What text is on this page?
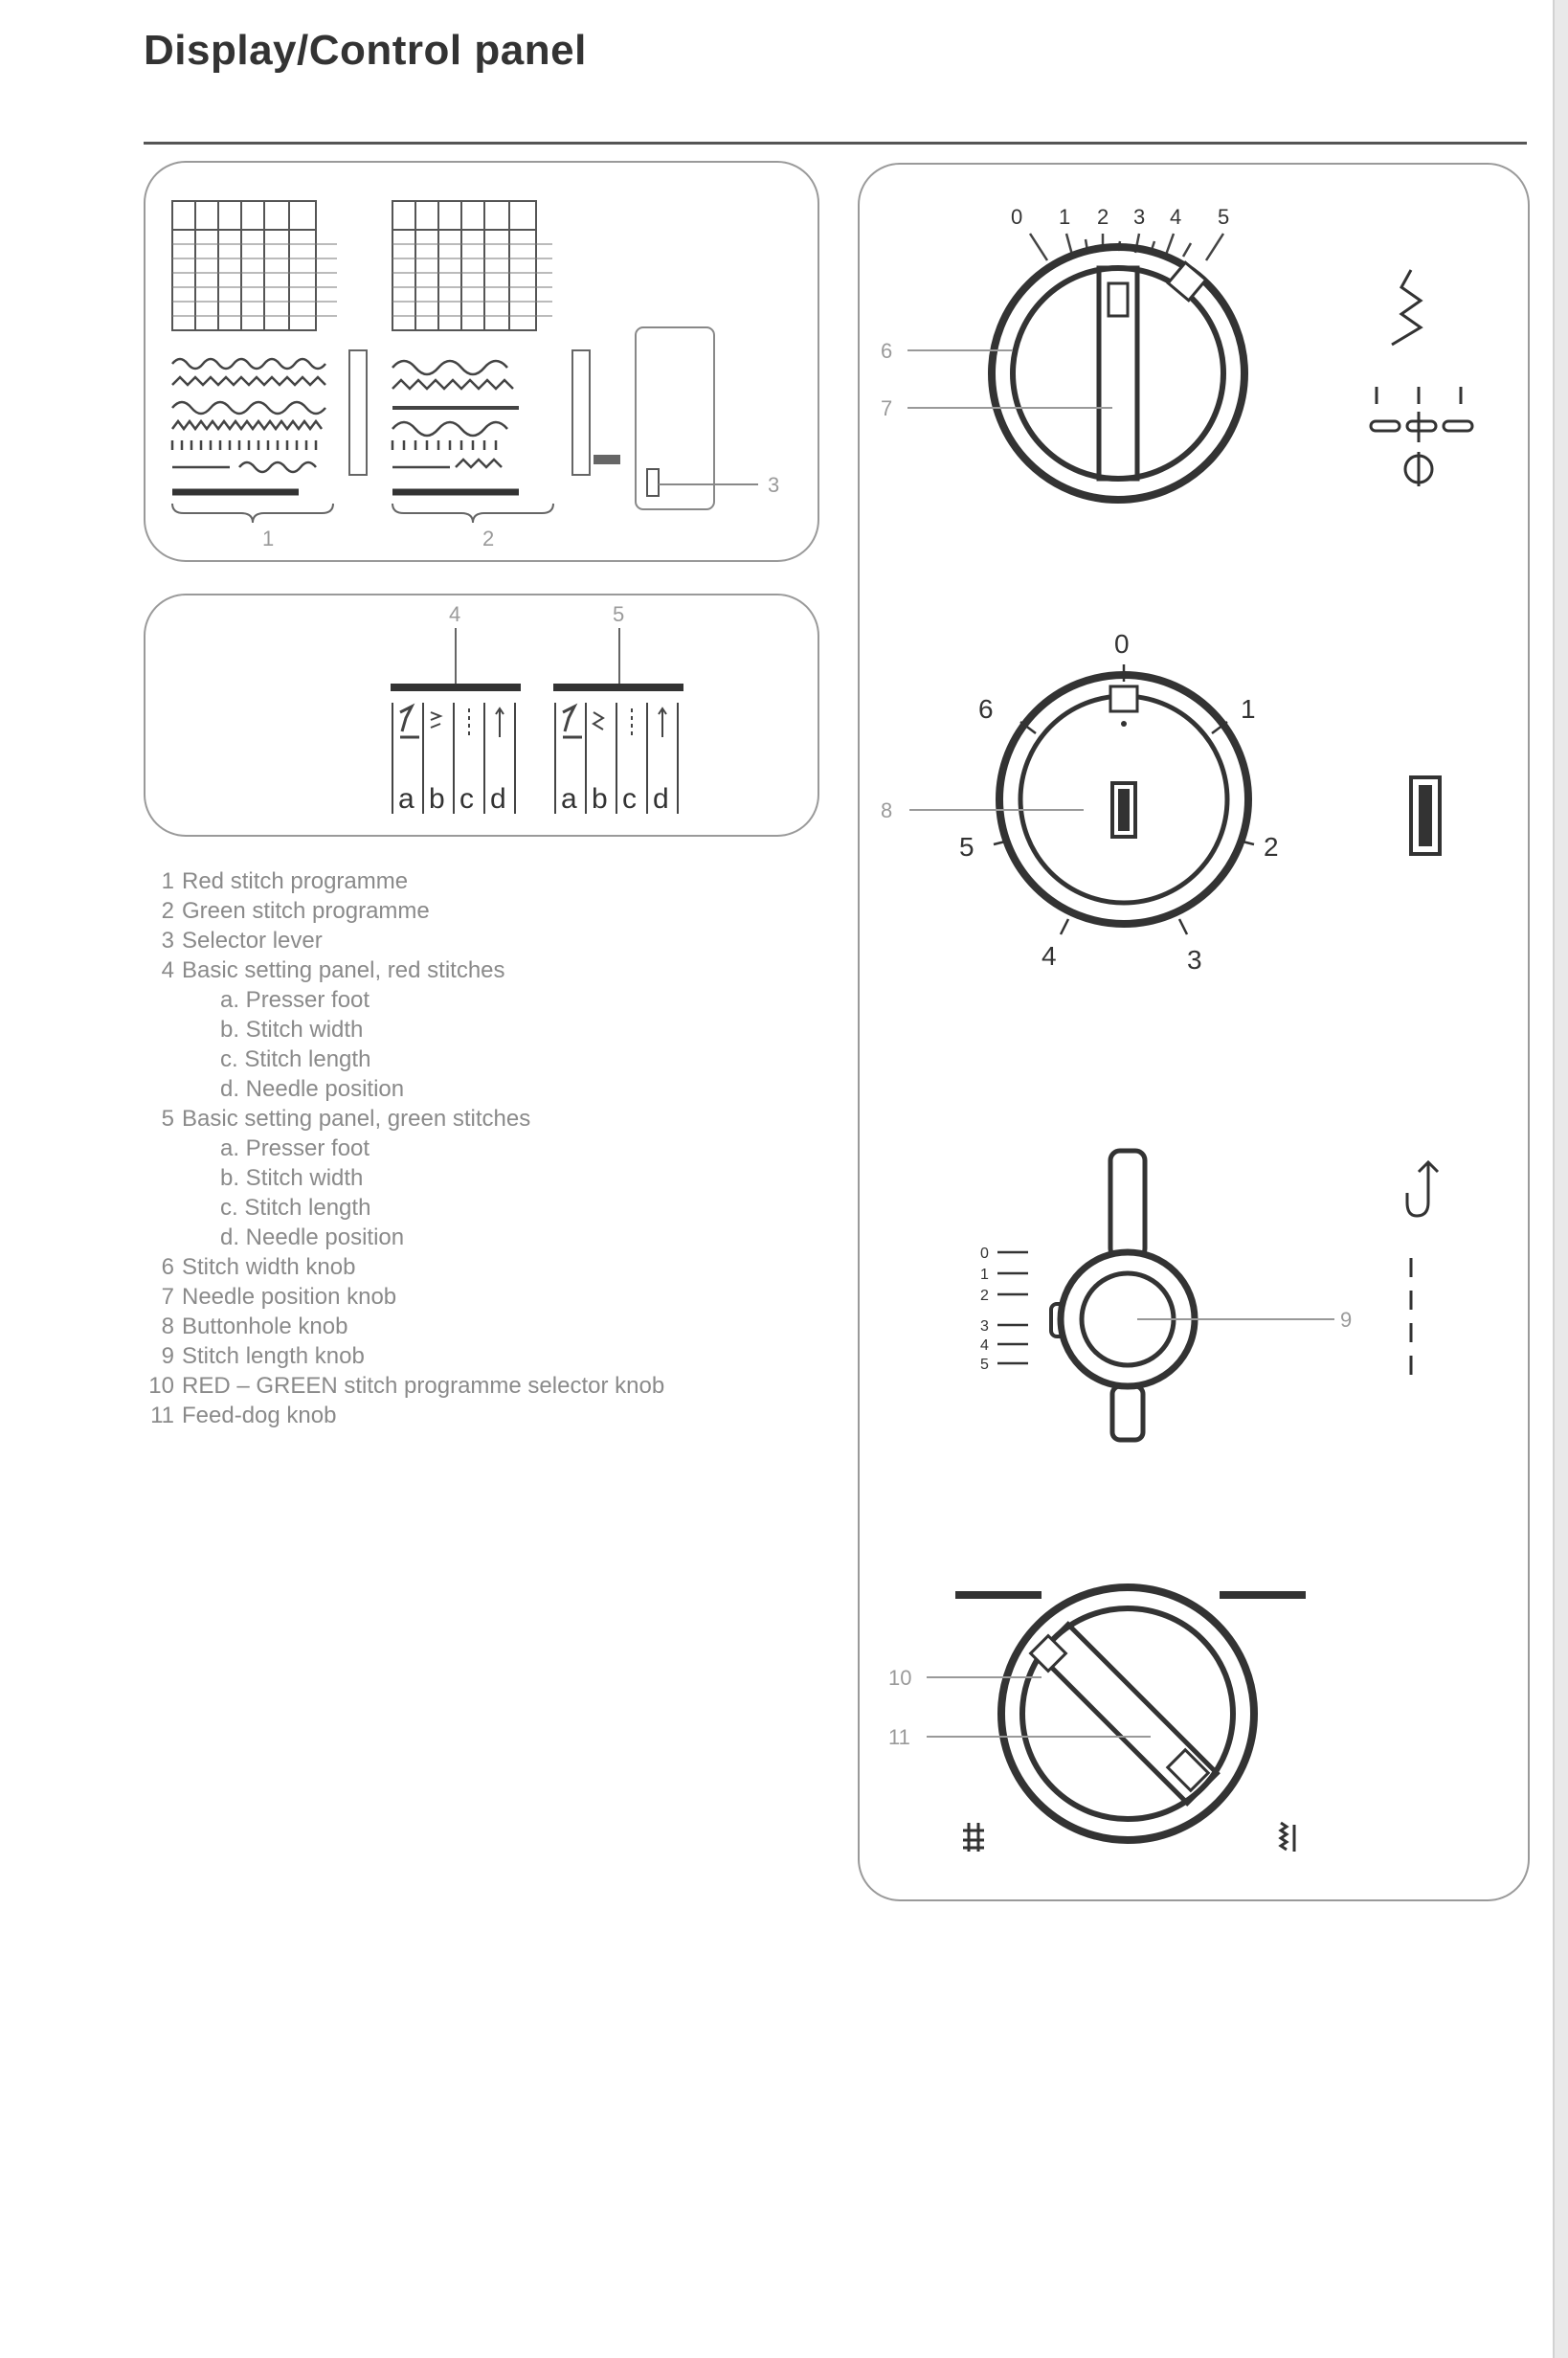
Display/Control panel
3
1	2
4	5
a b c d a b c d
1 Red stitch programme
2 Green stitch programme
3 Selector lever
4 Basic setting panel, red stitches
a. Presser foot
b. Stitch width
c. Stitch length
d. Needle position
5 Basic setting panel, green stitches
a. Presser foot
b. Stitch width
c. Stitch length
d. Needle position
6 Stitch width knob
7 Needle position knob
8 Buttonhole knob
9 Stitch length knob
10 RED – GREEN stitch programme selector knob
11 Feed-dog knob
0 1 2 3 4 5
6
7
0
1
2
3
4
5
6
8
0
1
2
3
4
5
9
10
11
